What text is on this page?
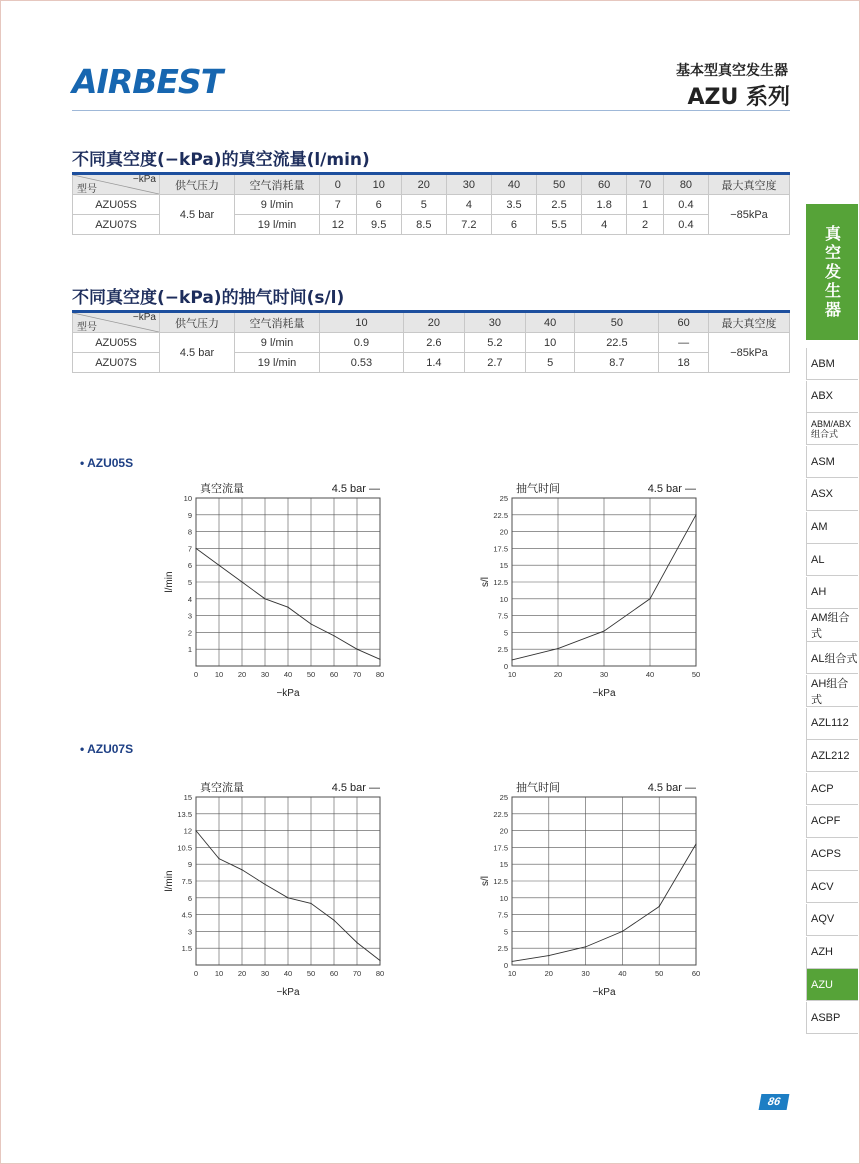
AIRBEST	基本型真空发生器
AZU 系列
不同真空度(−kPa)的真空流量(l/min)
−kPa
型号	供气压力	空气消耗量	0	10	20	30	40	50	60	70	80	最大真空度
AZU05S	4.5 bar	9 l/min	7	6	5	4	3.5	2.5	1.8	1	0.4	−85kPa
AZU07S		19 l/min	12	9.5	8.5	7.2	6	5.5	4	2	0.4	
不同真空度(−kPa)的抽气时间(s/l)
−kPa
型号	供气压力	空气消耗量	10	20	30	40	50	60	最大真空度
AZU05S	4.5 bar	9 l/min	0.9	2.6	5.2	10	22.5	—	−85kPa
AZU07S		19 l/min	0.53	1.4	2.7	5	8.7	18	
• AZU05S
• AZU07S
0 10 20 30 40 50 60 70 80
1
2
3
4
5
6
7
8
9
10
真空流量	4.5 bar —
−kPa
l/min
10	20	30	40	50
0
2.5
5
7.5
10
12.5
15
17.5
20
22.5
25
抽气时间	4.5 bar —
−kPa
s/l
0 10 20 30 40 50 60 70 80
1.5
3
4.5
6
7.5
9
10.5
12
13.5
15
真空流量	4.5 bar —
−kPa
l/min
10	20	30	40	50	60
0
2.5
5
7.5
10
12.5
15
17.5
20
22.5
25
抽气时间	4.5 bar —
−kPa
s/l
真空发生器
ABM
ABX
ABM/ABX
组合式
ASM
ASX
AM
AL
AH
AM组合式
AL组合式
AH组合式
AZL112
AZL212
ACP
ACPF
ACPS
ACV
AQV
AZH
AZU
ASBP
86
